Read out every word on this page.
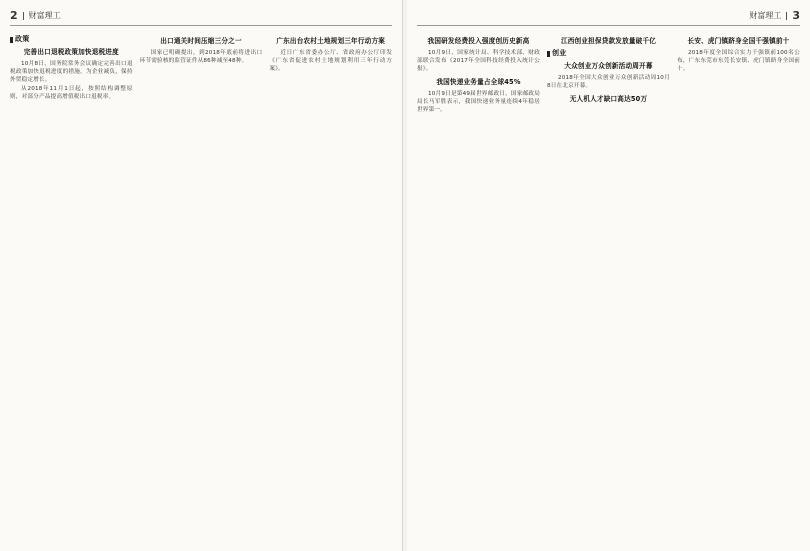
2 财富理工
政策
完善出口退税政策加快退税进度
10月8日，国务院常务会议确定完善出口退税政策加快退税进度的措施，为企业减负，保持外贸稳定增长。
从2018年11月1日起，按照结构调整原则，对部分产品提高增值税出口退税率。
出口通关时间压缩三分之一
国家已明确提出，到2018年底前将进出口环节需验核的监管证件从86种减至48种。
广东出台农村土地规划三年行动方案
近日广东省委办公厅、省政府办公厅印发《广东省促进农村土地规划利用三年行动方案》。
财富理工 3
我国研发经费投入强度创历史新高
10月9日，国家统计局、科学技术部、财政部联合发布《2017年全国科技经费投入统计公报》。
我国快递业务量占全球45%
10月9日是第49届世界邮政日，国家邮政局局长马军胜表示，我国快递业务量连续4年稳居世界第一。
江西创业担保贷款发放量破千亿
创业
大众创业万众创新活动周开幕
2018年全国大众创业万众创新活动周10月8日在北京开幕。
无人机人才缺口高达50万
长安、虎门镇跻身全国千强镇前十
2018年度全国综合实力千强镇前100名公布，广东东莞市东莞长安镇、虎门镇跻身全国前十。
